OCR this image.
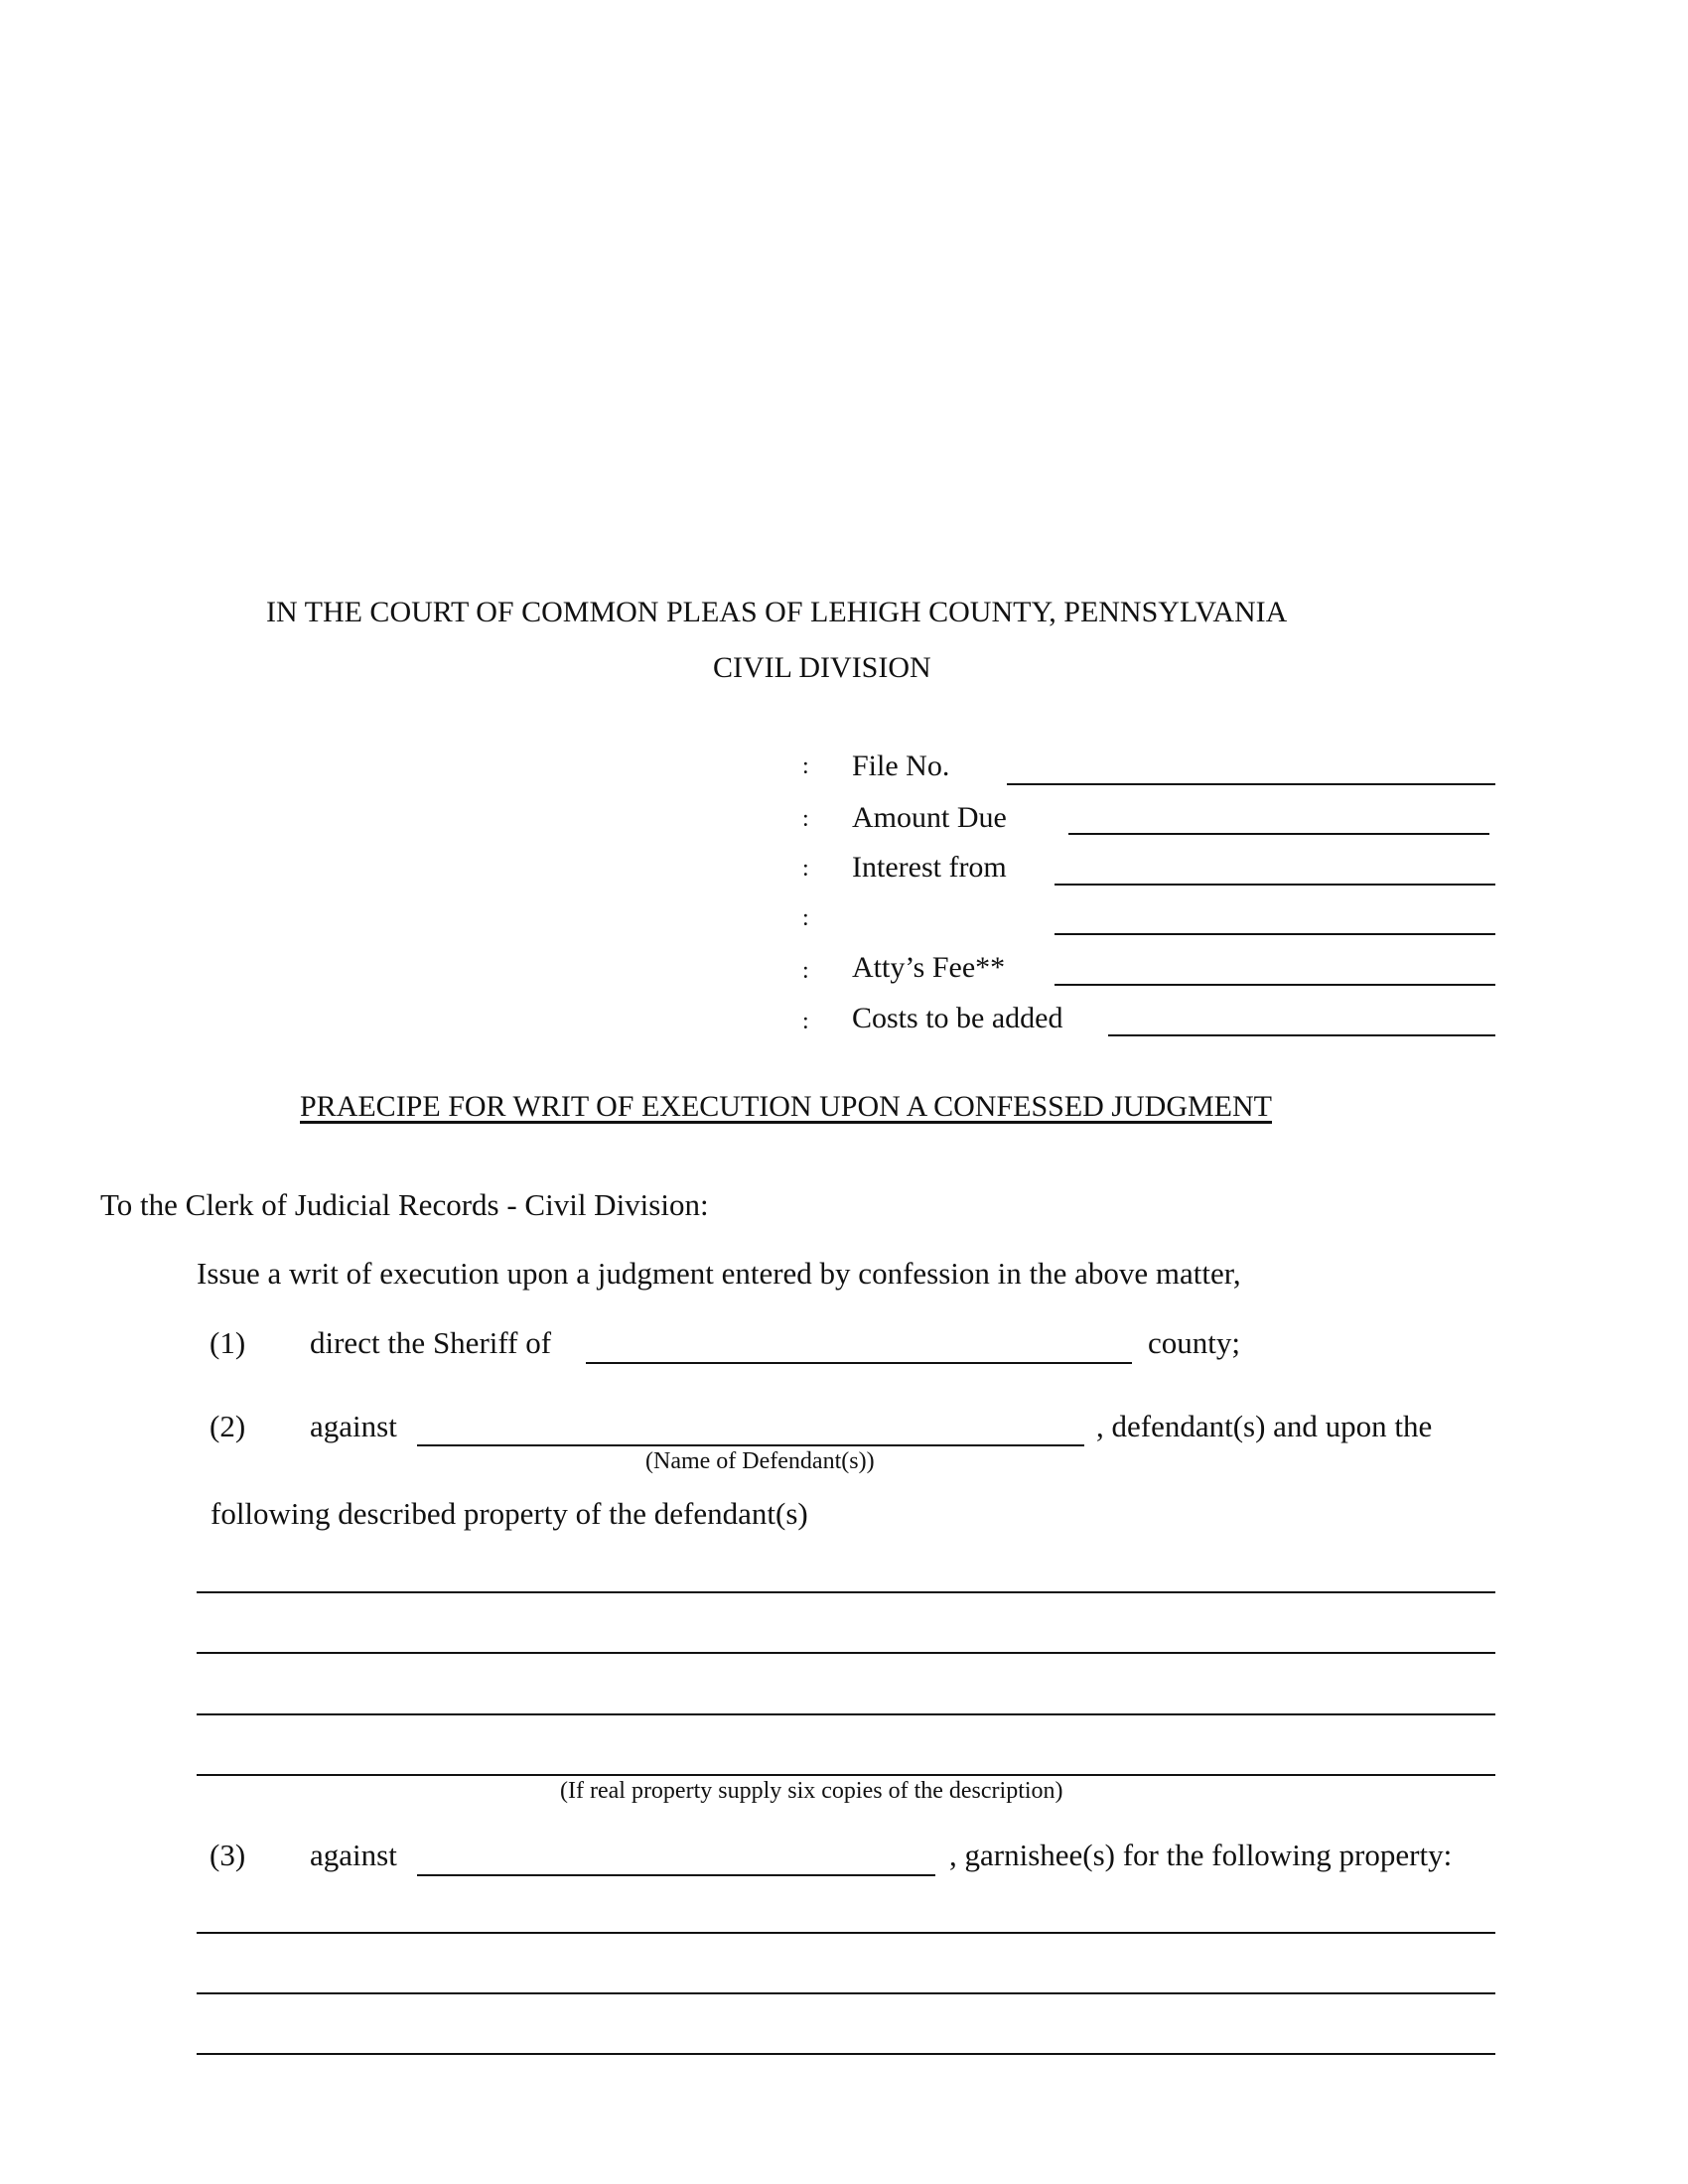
IN THE COURT OF COMMON PLEAS OF LEHIGH COUNTY, PENNSYLVANIA
CIVIL DIVISION
: File No.
: Amount Due
: Interest from
:
: Atty’s Fee**
: Costs to be added
PRAECIPE FOR WRIT OF EXECUTION UPON A CONFESSED JUDGMENT
To the Clerk of Judicial Records - Civil Division:
Issue a writ of execution upon a judgment entered by confession in the above matter,
(1) direct the Sheriff of	county;
(2) against	, defendant(s) and upon the
(Name of Defendant(s))
following described property of the defendant(s)
(If real property supply six copies of the description)
(3) against	, garnishee(s) for the following property:
